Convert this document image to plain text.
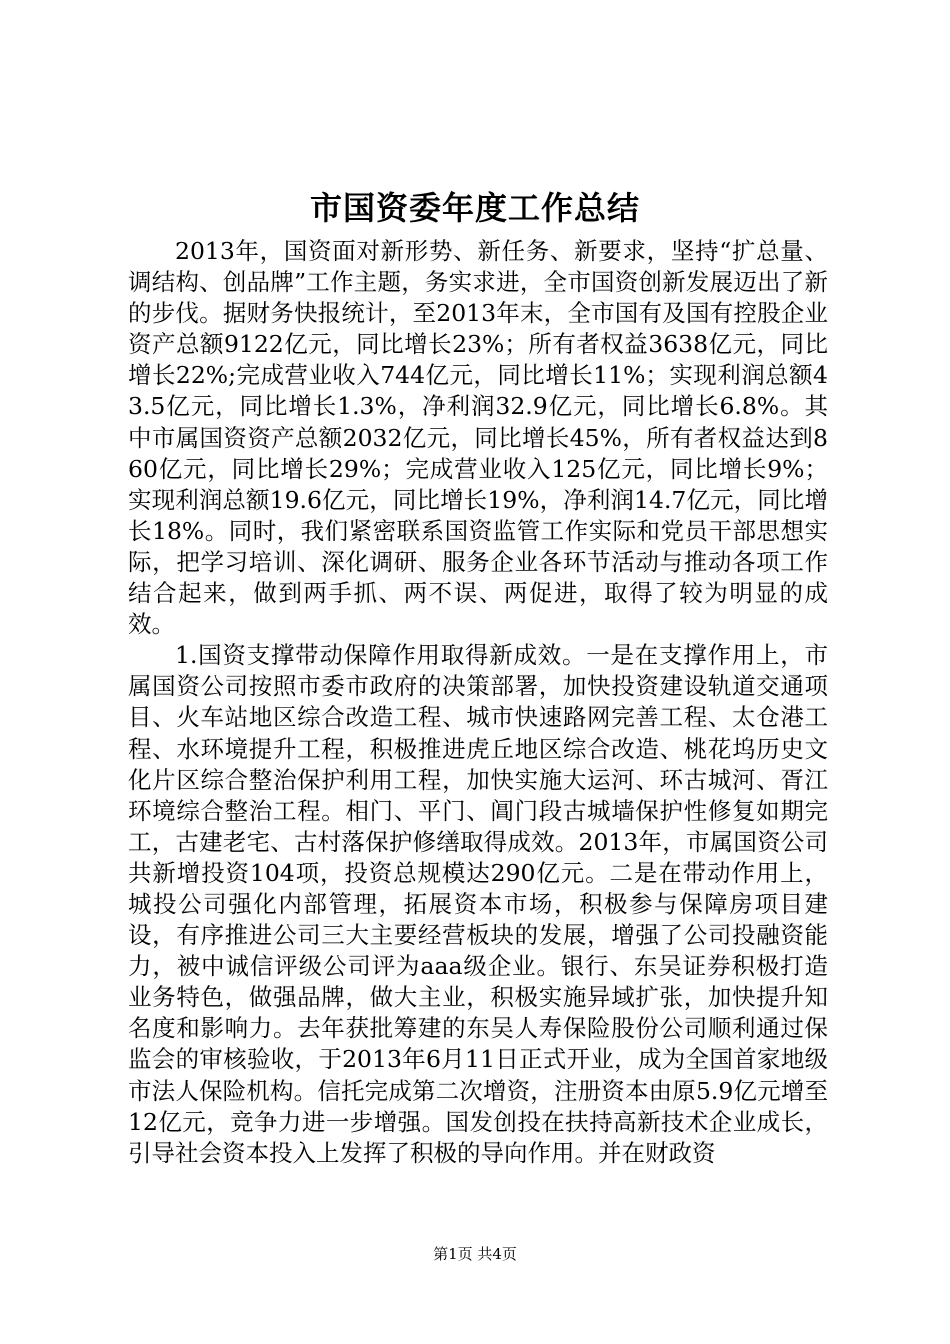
市国资委年度工作总结

2013年，国资面对新形势、新任务、新要求，坚持“扩总量、调结构、创品牌”工作主题，务实求进，全市国资创新发展迈出了新的步伐。据财务快报统计，至2013年末，全市国有及国有控股企业资产总额9122亿元，同比增长23%；所有者权益3638亿元，同比增长22%;完成营业收入744亿元，同比增长11%；实现利润总额43.5亿元，同比增长1.3%，净利润32.9亿元，同比增长6.8%。其中市属国资资产总额2032亿元，同比增长45%，所有者权益达到860亿元，同比增长29%；完成营业收入125亿元，同比增长9%；实现利润总额19.6亿元，同比增长19%，净利润14.7亿元，同比增长18%。同时，我们紧密联系国资监管工作实际和党员干部思想实际，把学习培训、深化调研、服务企业各环节活动与推动各项工作结合起来，做到两手抓、两不误、两促进，取得了较为明显的成效。

1.国资支撑带动保障作用取得新成效。一是在支撑作用上，市属国资公司按照市委市政府的决策部署，加快投资建设轨道交通项目、火车站地区综合改造工程、城市快速路网完善工程、太仓港工程、水环境提升工程，积极推进虎丘地区综合改造、桃花坞历史文化片区综合整治保护利用工程，加快实施大运河、环古城河、胥江环境综合整治工程。相门、平门、阊门段古城墙保护性修复如期完工，古建老宅、古村落保护修缮取得成效。2013年，市属国资公司共新增投资104项，投资总规模达290亿元。二是在带动作用上，城投公司强化内部管理，拓展资本市场，积极参与保障房项目建设，有序推进公司三大主要经营板块的发展，增强了公司投融资能力，被中诚信评级公司评为aaa级企业。银行、东吴证券积极打造业务特色，做强品牌，做大主业，积极实施异域扩张，加快提升知名度和影响力。去年获批筹建的东吴人寿保险股份公司顺利通过保监会的审核验收，于2013年6月11日正式开业，成为全国首家地级市法人保险机构。信托完成第二次增资，注册资本由原5.9亿元增至12亿元，竞争力进一步增强。国发创投在扶持高新技术企业成长，引导社会资本投入上发挥了积极的导向作用。并在财政资

第1页 共4页
